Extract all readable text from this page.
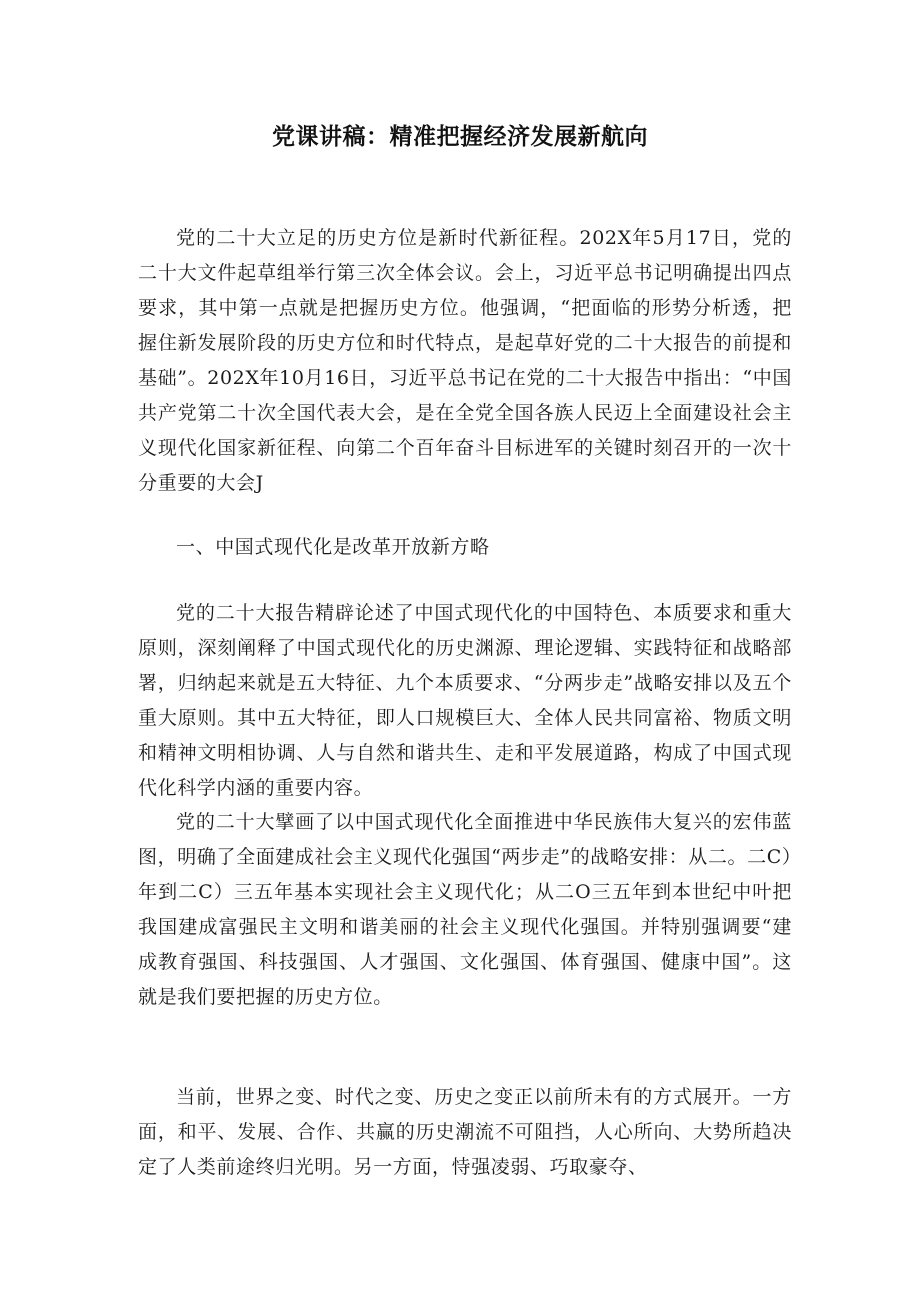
党课讲稿：精准把握经济发展新航向

党的二十大立足的历史方位是新时代新征程。202X年5月17日，党的二十大文件起草组举行第三次全体会议。会上，习近平总书记明确提出四点要求，其中第一点就是把握历史方位。他强调，“把面临的形势分析透，把握住新发展阶段的历史方位和时代特点，是起草好党的二十大报告的前提和基础”。202X年10月16日，习近平总书记在党的二十大报告中指出：“中国共产党第二十次全国代表大会，是在全党全国各族人民迈上全面建设社会主义现代化国家新征程、向第二个百年奋斗目标进军的关键时刻召开的一次十分重要的大会J

一、中国式现代化是改革开放新方略

党的二十大报告精辟论述了中国式现代化的中国特色、本质要求和重大原则，深刻阐释了中国式现代化的历史渊源、理论逻辑、实践特征和战略部署，归纳起来就是五大特征、九个本质要求、“分两步走”战略安排以及五个重大原则。其中五大特征，即人口规模巨大、全体人民共同富裕、物质文明和精神文明相协调、人与自然和谐共生、走和平发展道路，构成了中国式现代化科学内涵的重要内容。

党的二十大擘画了以中国式现代化全面推进中华民族伟大复兴的宏伟蓝图，明确了全面建成社会主义现代化强国“两步走”的战略安排：从二。二C）年到二C）三五年基本实现社会主义现代化；从二O三五年到本世纪中叶把我国建成富强民主文明和谐美丽的社会主义现代化强国。并特别强调要“建成教育强国、科技强国、人才强国、文化强国、体育强国、健康中国”。这就是我们要把握的历史方位。

当前，世界之变、时代之变、历史之变正以前所未有的方式展开。一方面，和平、发展、合作、共赢的历史潮流不可阻挡，人心所向、大势所趋决定了人类前途终归光明。另一方面，恃强凌弱、巧取豪夺、
